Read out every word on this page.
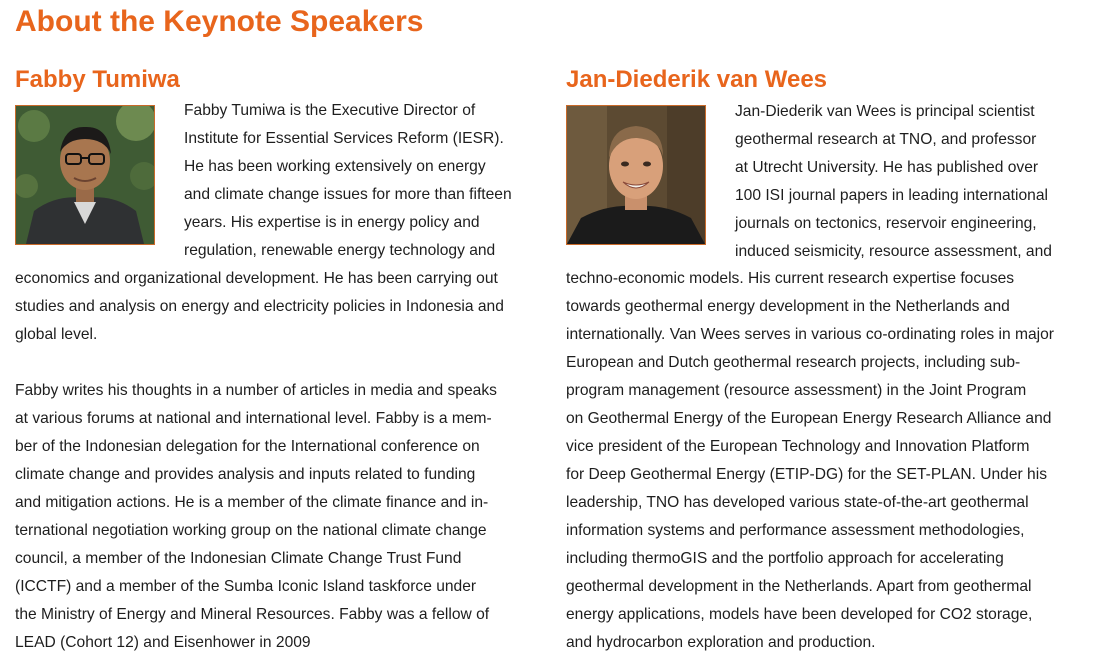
About the Keynote Speakers
Fabby Tumiwa
Fabby Tumiwa is the Executive Director of
Institute for Essential Services Reform (IESR).
He has been working extensively on energy
and climate change issues for more than fifteen
years. His expertise is in energy policy and
regulation, renewable energy technology and
economics and organizational development. He has been carrying out
studies and analysis on energy and electricity policies in Indonesia and
global level.
Fabby writes his thoughts in a number of articles in media and speaks
at various forums at national and international level. Fabby is a mem-
ber of the Indonesian delegation for the International conference on
climate change and provides analysis and inputs related to funding
and mitigation actions. He is a member of the climate finance and in-
ternational negotiation working group on the national climate change
council, a member of the Indonesian Climate Change Trust Fund
(ICCTF) and a member of the Sumba Iconic Island taskforce under
the Ministry of Energy and Mineral Resources. Fabby was a fellow of
LEAD (Cohort 12) and Eisenhower in 2009
Jan-Diederik van Wees
Jan-Diederik van Wees is principal scientist
geothermal research at TNO, and professor
at Utrecht University. He has published over
100 ISI journal papers in leading international
journals on tectonics, reservoir engineering,
induced seismicity, resource assessment, and
techno-economic models. His current research expertise focuses
towards geothermal energy development in the Netherlands and
internationally. Van Wees serves in various co-ordinating roles in major
European and Dutch geothermal research projects, including sub-
program management (resource assessment) in the Joint Program
on Geothermal Energy of the European Energy Research Alliance and
vice president of the European Technology and Innovation Platform
for Deep Geothermal Energy (ETIP-DG) for the SET-PLAN. Under his
leadership, TNO has developed various state-of-the-art geothermal
information systems and performance assessment methodologies,
including thermoGIS and the portfolio approach for accelerating
geothermal development in the Netherlands. Apart from geothermal
energy applications, models have been developed for CO2 storage,
and hydrocarbon exploration and production.
